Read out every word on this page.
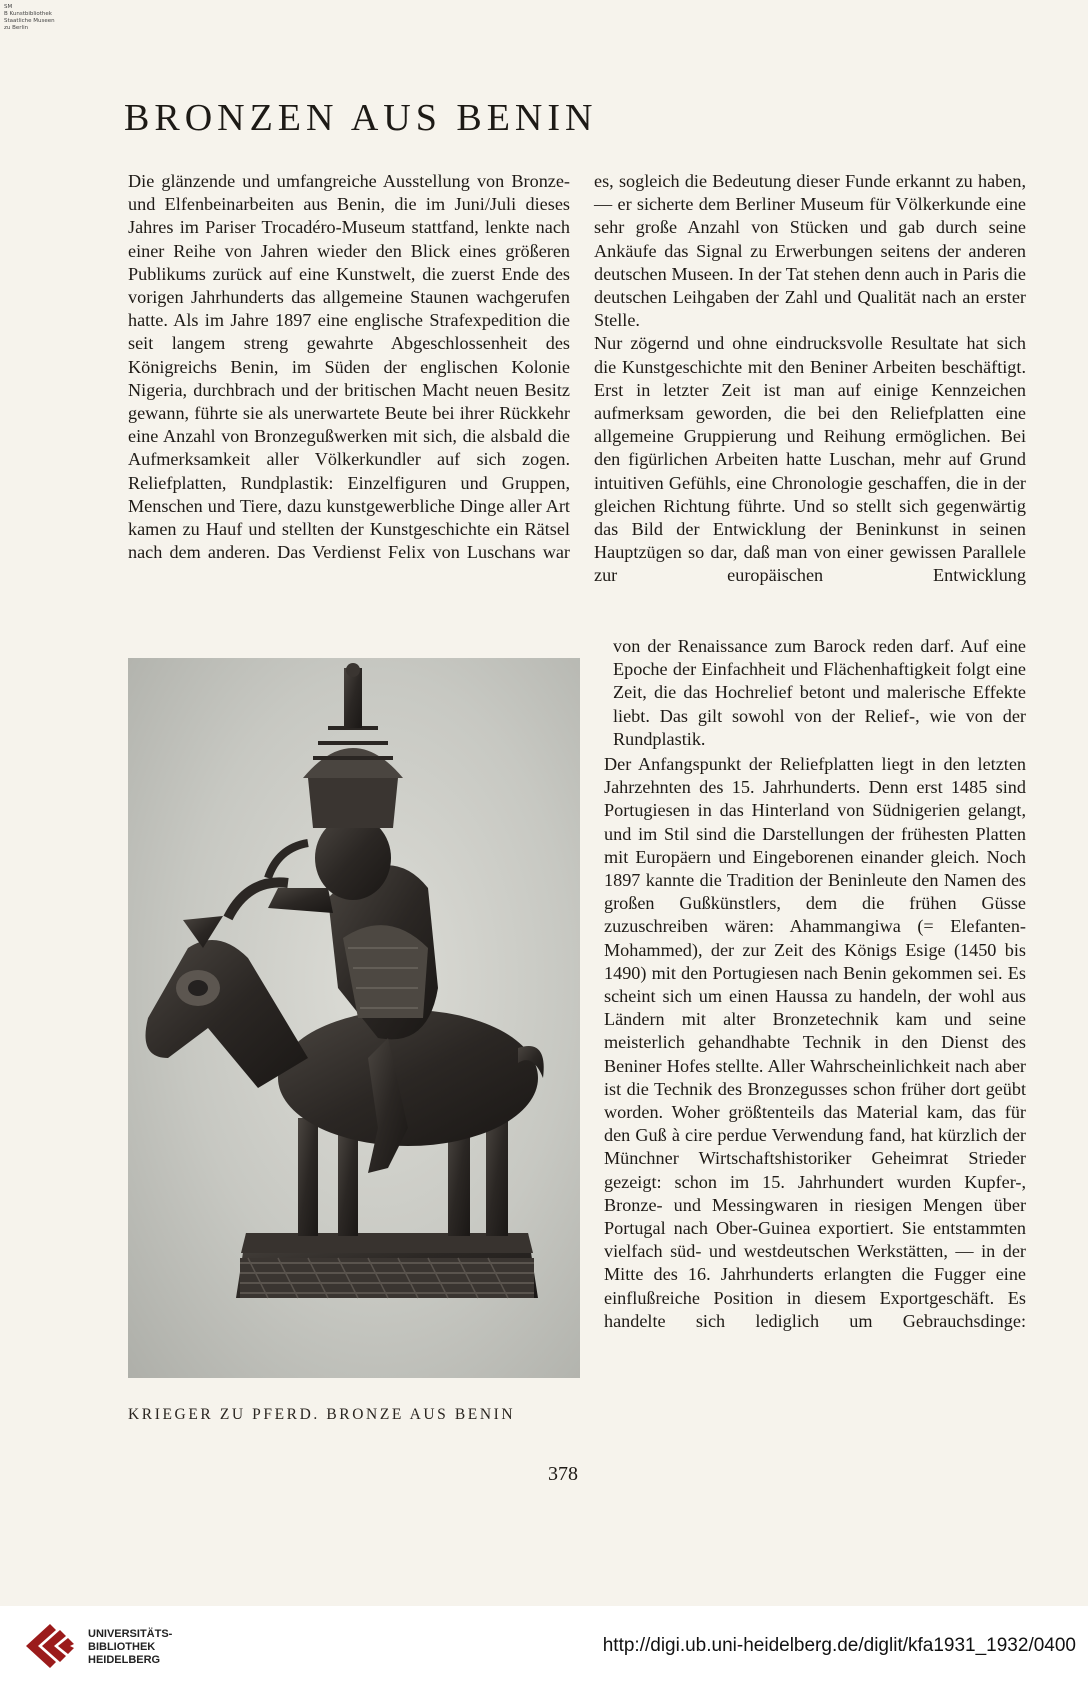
SM
B Kunstbibliothek
Staatliche Museen
zu Berlin
BRONZEN AUS BENIN

Die glänzende und umfangreiche Ausstellung von Bronze- und Elfenbeinarbeiten aus Benin, die im Juni/Juli dieses Jahres im Pariser Trocadéro-Museum stattfand, lenkte nach einer Reihe von Jahren wieder den Blick eines größeren Publikums zurück auf eine Kunstwelt, die zuerst Ende des vorigen Jahrhunderts das allgemeine Staunen wachgerufen hatte. Als im Jahre 1897 eine englische Strafexpedition die seit langem streng gewahrte Abgeschlossenheit des Königreichs Benin, im Süden der englischen Kolonie Nigeria, durchbrach und der britischen Macht neuen Besitz gewann, führte sie als unerwartete Beute bei ihrer Rückkehr eine Anzahl von Bronzegußwerken mit sich, die alsbald die Aufmerksamkeit aller Völkerkundler auf sich zogen. Reliefplatten, Rundplastik: Einzelfiguren und Gruppen, Menschen und Tiere, dazu kunstgewerbliche Dinge aller Art kamen zu Hauf und stellten der Kunstgeschichte ein Rätsel nach dem anderen. Das Verdienst Felix von Luschans war

KRIEGER ZU PFERD. BRONZE AUS BENIN

es, sogleich die Bedeutung dieser Funde erkannt zu haben, — er sicherte dem Berliner Museum für Völkerkunde eine sehr große Anzahl von Stücken und gab durch seine Ankäufe das Signal zu Erwerbungen seitens der anderen deutschen Museen. In der Tat stehen denn auch in Paris die deutschen Leihgaben der Zahl und Qualität nach an erster Stelle.

Nur zögernd und ohne eindrucksvolle Resultate hat sich die Kunstgeschichte mit den Beniner Arbeiten beschäftigt. Erst in letzter Zeit ist man auf einige Kennzeichen aufmerksam geworden, die bei den Reliefplatten eine allgemeine Gruppierung und Reihung ermöglichen. Bei den figürlichen Arbeiten hatte Luschan, mehr auf Grund intuitiven Gefühls, eine Chronologie geschaffen, die in der gleichen Richtung führte. Und so stellt sich gegenwärtig das Bild der Entwicklung der Beninkunst in seinen Hauptzügen so dar, daß man von einer gewissen Parallele zur europäischen Entwicklung

von der Renaissance zum Barock reden darf. Auf eine Epoche der Einfachheit und Flächenhaftigkeit folgt eine Zeit, die das Hochrelief betont und malerische Effekte liebt. Das gilt sowohl von der Relief-, wie von der Rundplastik.

Der Anfangspunkt der Reliefplatten liegt in den letzten Jahrzehnten des 15. Jahrhunderts. Denn erst 1485 sind Portugiesen in das Hinterland von Südnigerien gelangt, und im Stil sind die Darstellungen der frühesten Platten mit Europäern und Eingeborenen einander gleich. Noch 1897 kannte die Tradition der Beninleute den Namen des großen Gußkünstlers, dem die frühen Güsse zuzuschreiben wären: Ahammangiwa (= Elefanten-Mohammed), der zur Zeit des Königs Esige (1450 bis 1490) mit den Portugiesen nach Benin gekommen sei. Es scheint sich um einen Haussa zu handeln, der wohl aus Ländern mit alter Bronzetechnik kam und seine meisterlich gehandhabte Technik in den Dienst des Beniner Hofes stellte. Aller Wahrscheinlichkeit nach aber ist die Technik des Bronzegusses schon früher dort geübt worden. Woher größtenteils das Material kam, das für den Guß à cire perdue Verwendung fand, hat kürzlich der Münchner Wirtschaftshistoriker Geheimrat Strieder gezeigt: schon im 15. Jahrhundert wurden Kupfer-, Bronze- und Messingwaren in riesigen Mengen über Portugal nach Ober-Guinea exportiert. Sie entstammten vielfach süd- und westdeutschen Werkstätten, — in der Mitte des 16. Jahrhunderts erlangten die Fugger eine einflußreiche Position in diesem Exportgeschäft. Es handelte sich lediglich um Gebrauchsdinge:

378
UNIVERSITÄTS-
BIBLIOTHEK
HEIDELBERG
http://digi.ub.uni-heidelberg.de/diglit/kfa1931_1932/0400
